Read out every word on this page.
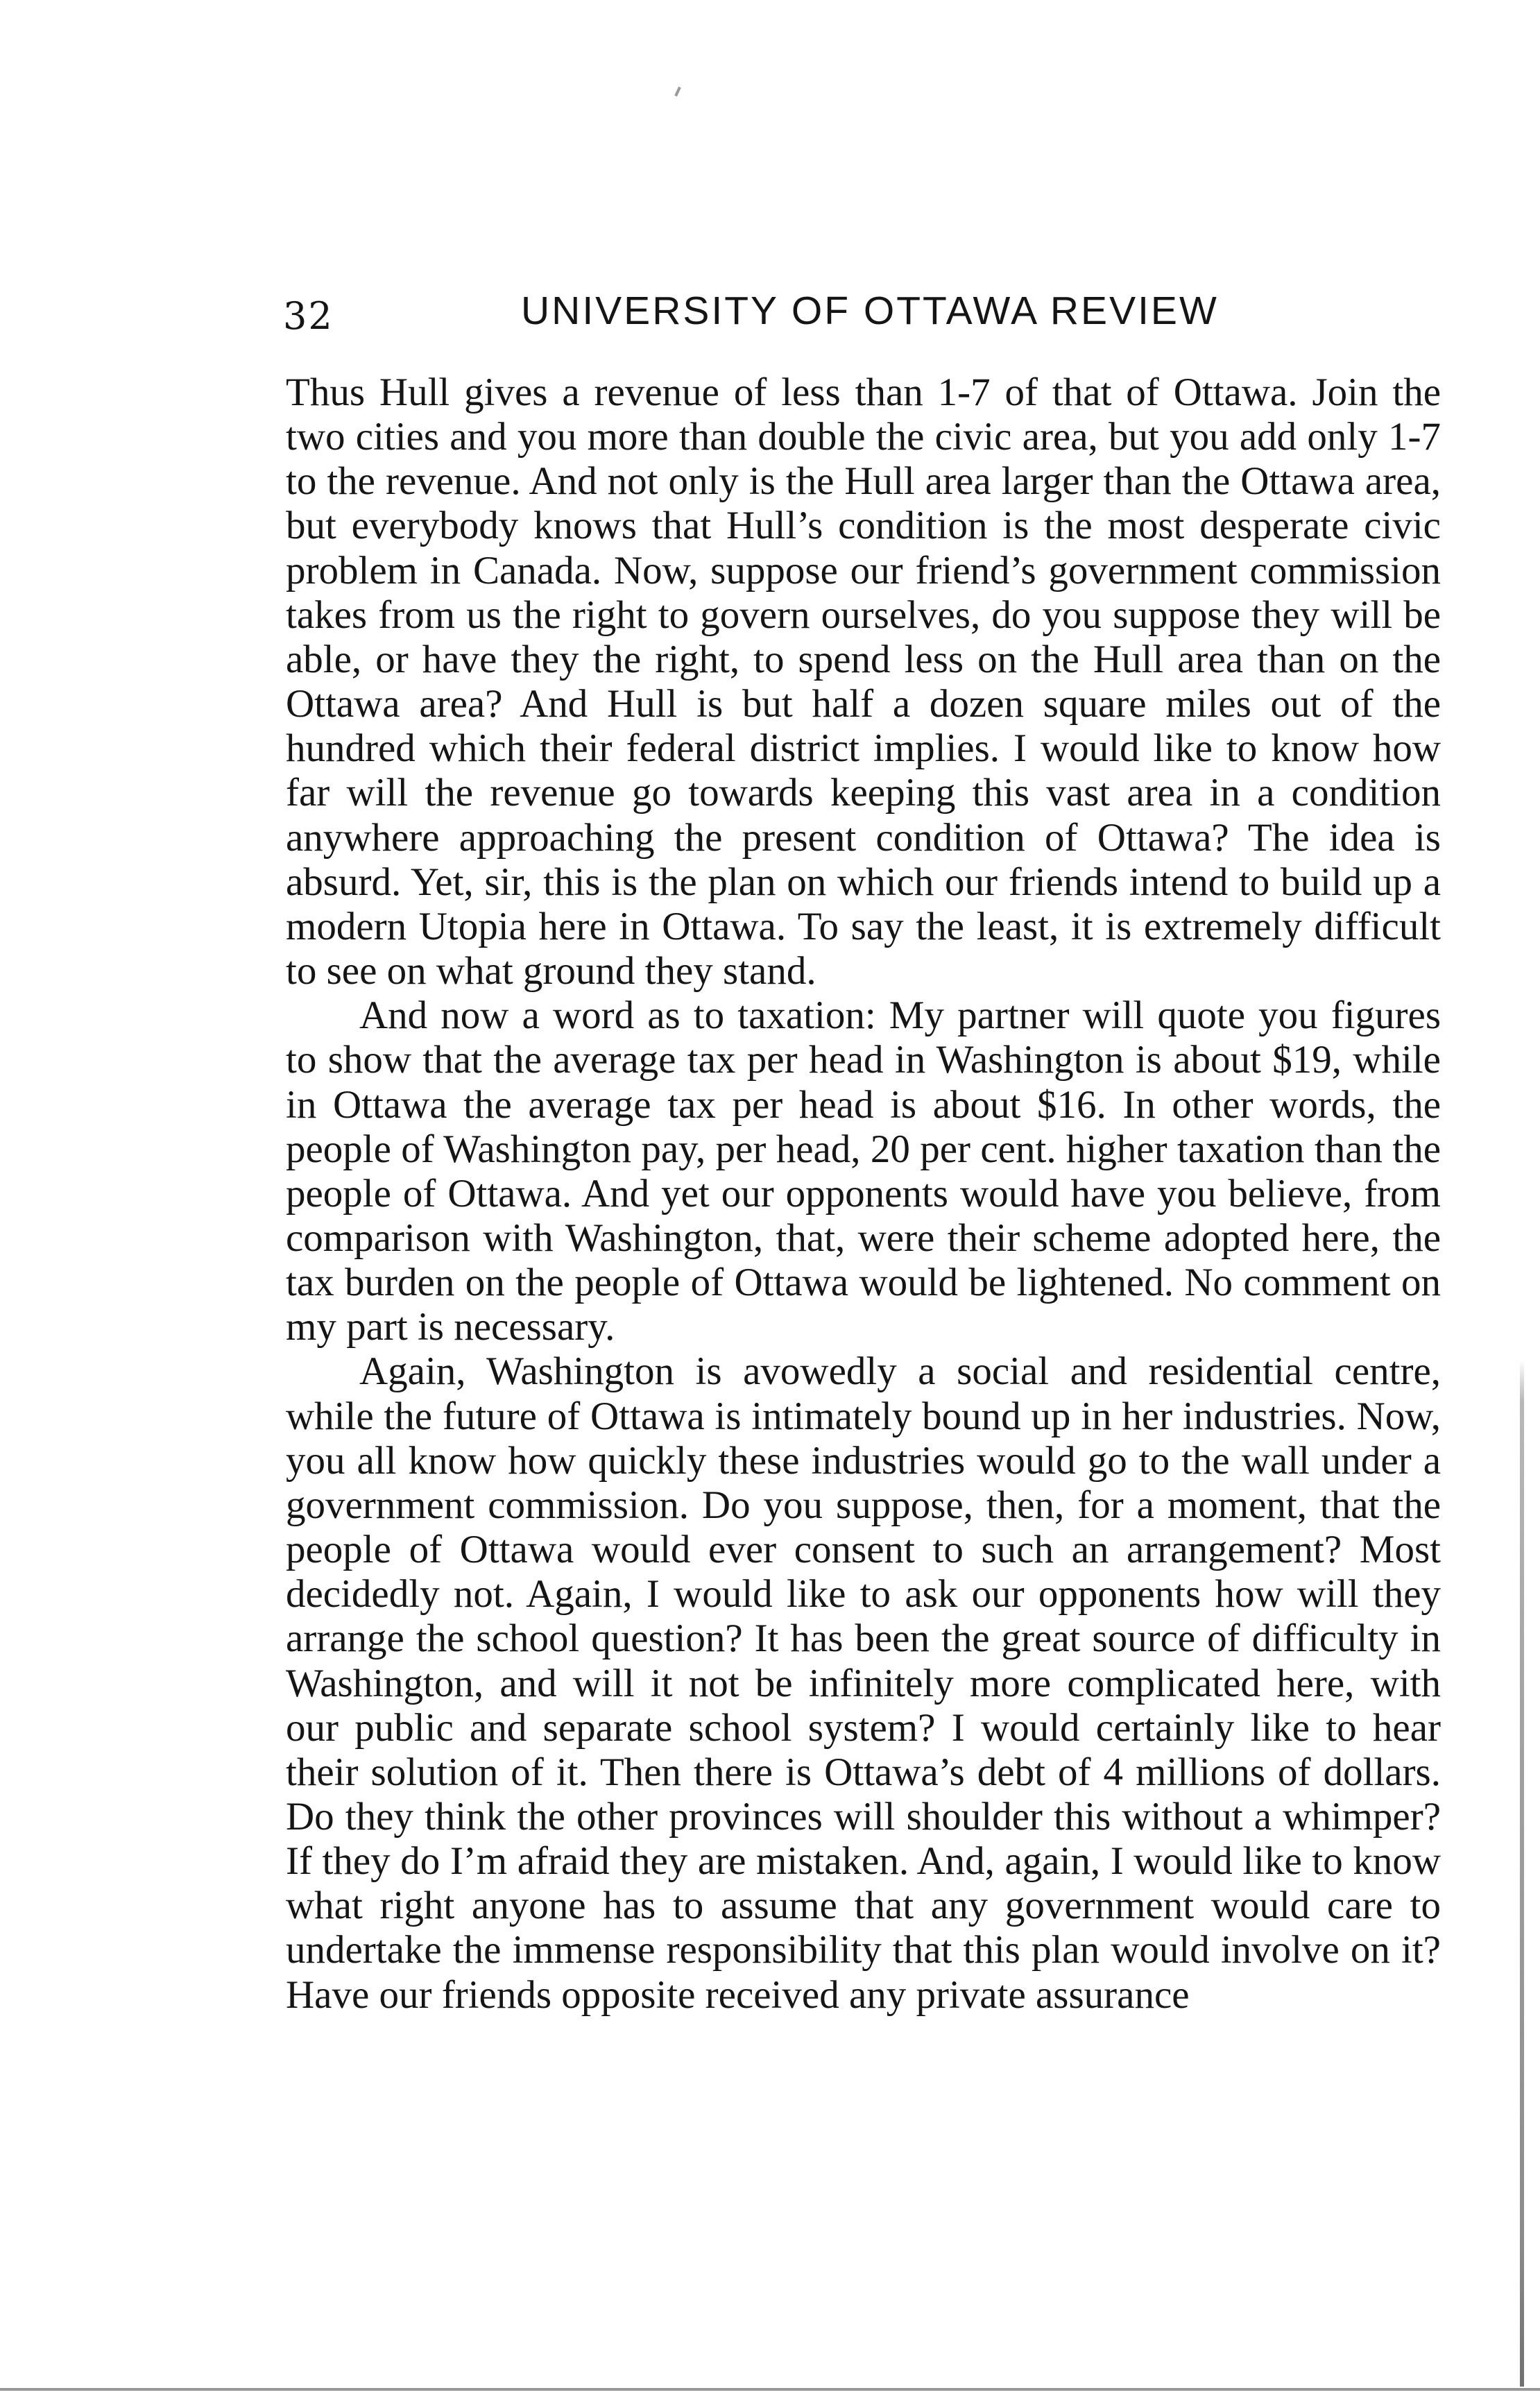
32	UNIVERSITY OF OTTAWA REVIEW

Thus Hull gives a revenue of less than 1-7 of that of Ottawa. Join the two cities and you more than double the civic area, but you add only 1-7 to the revenue. And not only is the Hull area larger than the Ottawa area, but everybody knows that Hull’s condition is the most desperate civic problem in Canada. Now, suppose our friend’s government commission takes from us the right to govern ourselves, do you suppose they will be able, or have they the right, to spend less on the Hull area than on the Ottawa area? And Hull is but half a dozen square miles out of the hundred which their federal district implies. I would like to know how far will the revenue go towards keeping this vast area in a condition anywhere approaching the present condition of Ottawa? The idea is absurd. Yet, sir, this is the plan on which our friends intend to build up a modern Utopia here in Ottawa. To say the least, it is extremely difficult to see on what ground they stand.

And now a word as to taxation: My partner will quote you figures to show that the average tax per head in Washington is about $19, while in Ottawa the average tax per head is about $16. In other words, the people of Washington pay, per head, 20 per cent. higher taxation than the people of Ottawa. And yet our opponents would have you believe, from comparison with Washington, that, were their scheme adopted here, the tax burden on the people of Ottawa would be lightened. No comment on my part is necessary.

Again, Washington is avowedly a social and residential centre, while the future of Ottawa is intimately bound up in her industries. Now, you all know how quickly these industries would go to the wall under a government commission. Do you suppose, then, for a moment, that the people of Ottawa would ever consent to such an arrangement? Most decidedly not. Again, I would like to ask our opponents how will they arrange the school question? It has been the great source of difficulty in Washington, and will it not be infinitely more complicated here, with our public and separate school system? I would certainly like to hear their solution of it. Then there is Ottawa’s debt of 4 millions of dollars. Do they think the other provinces will shoulder this without a whimper? If they do I’m afraid they are mistaken. And, again, I would like to know what right anyone has to assume that any government would care to undertake the immense responsibility that this plan would involve on it? Have our friends opposite received any private assurance
